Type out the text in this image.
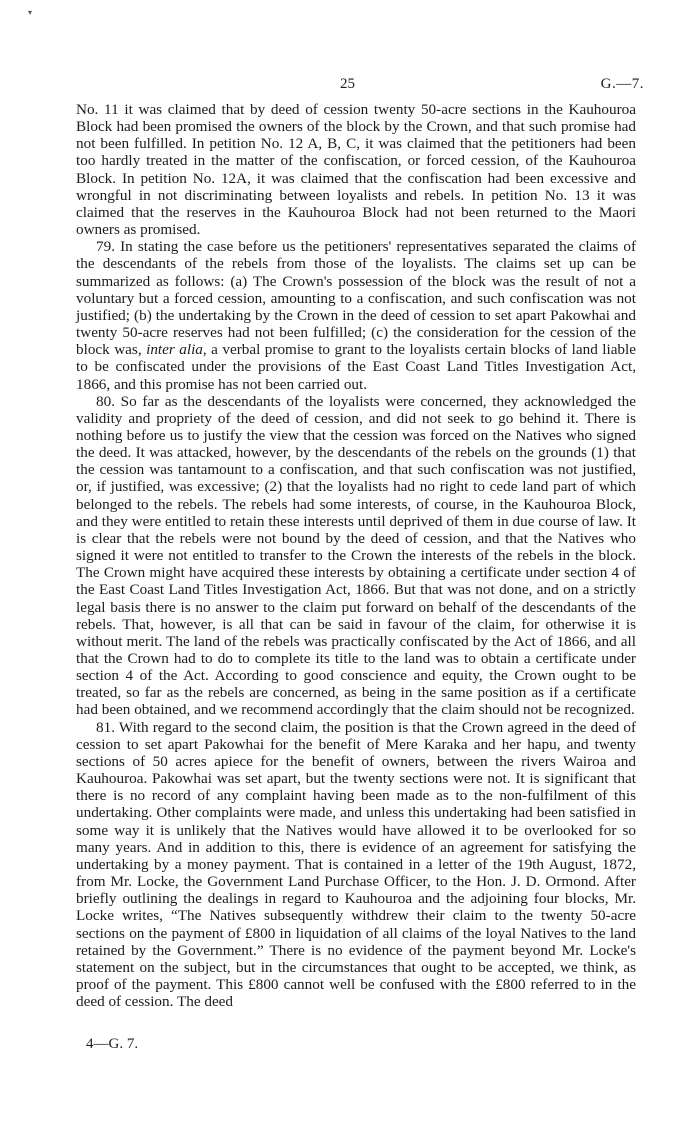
▾
25	G.—7.

No. 11 it was claimed that by deed of cession twenty 50-acre sections in the Kauhouroa Block had been promised the owners of the block by the Crown, and that such promise had not been fulfilled. In petition No. 12 A, B, C, it was claimed that the petitioners had been too hardly treated in the matter of the confiscation, or forced cession, of the Kauhouroa Block. In petition No. 12A, it was claimed that the confiscation had been excessive and wrongful in not discriminating between loyalists and rebels. In petition No. 13 it was claimed that the reserves in the Kauhouroa Block had not been returned to the Maori owners as promised.

79. In stating the case before us the petitioners' representatives separated the claims of the descendants of the rebels from those of the loyalists. The claims set up can be summarized as follows: (a) The Crown's possession of the block was the result of not a voluntary but a forced cession, amounting to a confiscation, and such confiscation was not justified; (b) the undertaking by the Crown in the deed of cession to set apart Pakowhai and twenty 50-acre reserves had not been fulfilled; (c) the consideration for the cession of the block was, inter alia, a verbal promise to grant to the loyalists certain blocks of land liable to be confiscated under the provisions of the East Coast Land Titles Investigation Act, 1866, and this promise has not been carried out.

80. So far as the descendants of the loyalists were concerned, they acknowledged the validity and propriety of the deed of cession, and did not seek to go behind it. There is nothing before us to justify the view that the cession was forced on the Natives who signed the deed. It was attacked, however, by the descendants of the rebels on the grounds (1) that the cession was tantamount to a confiscation, and that such confiscation was not justified, or, if justified, was excessive; (2) that the loyalists had no right to cede land part of which belonged to the rebels. The rebels had some interests, of course, in the Kauhouroa Block, and they were entitled to retain these interests until deprived of them in due course of law. It is clear that the rebels were not bound by the deed of cession, and that the Natives who signed it were not entitled to transfer to the Crown the interests of the rebels in the block. The Crown might have acquired these interests by obtaining a certificate under section 4 of the East Coast Land Titles Investigation Act, 1866. But that was not done, and on a strictly legal basis there is no answer to the claim put forward on behalf of the descendants of the rebels. That, however, is all that can be said in favour of the claim, for otherwise it is without merit. The land of the rebels was practically confiscated by the Act of 1866, and all that the Crown had to do to complete its title to the land was to obtain a certificate under section 4 of the Act. According to good conscience and equity, the Crown ought to be treated, so far as the rebels are concerned, as being in the same position as if a certificate had been obtained, and we recommend accordingly that the claim should not be recognized.

81. With regard to the second claim, the position is that the Crown agreed in the deed of cession to set apart Pakowhai for the benefit of Mere Karaka and her hapu, and twenty sections of 50 acres apiece for the benefit of owners, between the rivers Wairoa and Kauhouroa. Pakowhai was set apart, but the twenty sections were not. It is significant that there is no record of any complaint having been made as to the non-fulfilment of this undertaking. Other complaints were made, and unless this undertaking had been satisfied in some way it is unlikely that the Natives would have allowed it to be overlooked for so many years. And in addition to this, there is evidence of an agreement for satisfying the undertaking by a money payment. That is contained in a letter of the 19th August, 1872, from Mr. Locke, the Government Land Purchase Officer, to the Hon. J. D. Ormond. After briefly outlining the dealings in regard to Kauhouroa and the adjoining four blocks, Mr. Locke writes, “The Natives subsequently withdrew their claim to the twenty 50-acre sections on the payment of £800 in liquidation of all claims of the loyal Natives to the land retained by the Government.” There is no evidence of the payment beyond Mr. Locke's statement on the subject, but in the circumstances that ought to be accepted, we think, as proof of the payment. This £800 cannot well be confused with the £800 referred to in the deed of cession. The deed

4—G. 7.
